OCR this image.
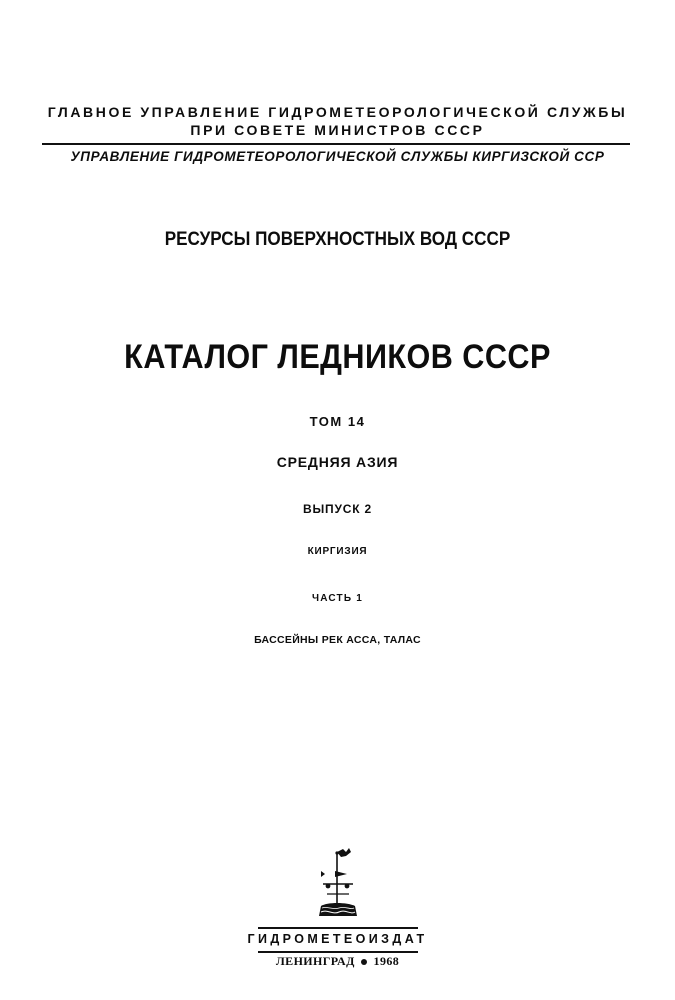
ГЛАВНОЕ УПРАВЛЕНИЕ ГИДРОМЕТЕОРОЛОГИЧЕСКОЙ СЛУЖБЫ
ПРИ СОВЕТЕ МИНИСТРОВ СССР
УПРАВЛЕНИЕ ГИДРОМЕТЕОРОЛОГИЧЕСКОЙ СЛУЖБЫ КИРГИЗСКОЙ ССР
РЕСУРСЫ ПОВЕРХНОСТНЫХ ВОД СССР
КАТАЛОГ ЛЕДНИКОВ СССР
ТОМ 14
СРЕДНЯЯ АЗИЯ
ВЫПУСК 2
КИРГИЗИЯ
ЧАСТЬ 1
БАССЕЙНЫ РЕК АССА, ТАЛАС
ГИДРОМЕТЕОИЗДАТ
ЛЕНИНГРАД 1968
